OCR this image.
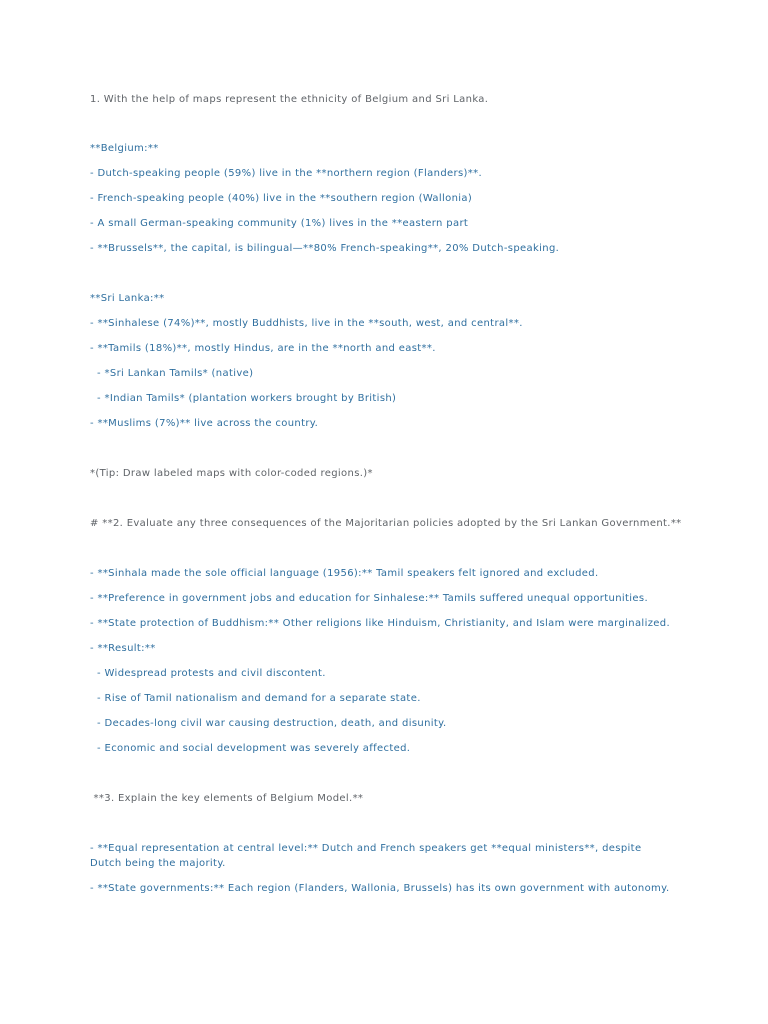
1. With the help of maps represent the ethnicity of Belgium and Sri Lanka.
**Belgium:**
- Dutch-speaking people (59%) live in the **northern region (Flanders)**.
- French-speaking people (40%) live in the **southern region (Wallonia)
- A small German-speaking community (1%) lives in the **eastern part
- **Brussels**, the capital, is bilingual—**80% French-speaking**, 20% Dutch-speaking.
**Sri Lanka:**
- **Sinhalese (74%)**, mostly Buddhists, live in the **south, west, and central**.
- **Tamils (18%)**, mostly Hindus, are in the **north and east**.
- *Sri Lankan Tamils* (native)
- *Indian Tamils* (plantation workers brought by British)
- **Muslims (7%)** live across the country.
*(Tip: Draw labeled maps with color-coded regions.)*
# **2. Evaluate any three consequences of the Majoritarian policies adopted by the Sri Lankan Government.**
- **Sinhala made the sole official language (1956):** Tamil speakers felt ignored and excluded.
- **Preference in government jobs and education for Sinhalese:** Tamils suffered unequal opportunities.
- **State protection of Buddhism:** Other religions like Hinduism, Christianity, and Islam were marginalized.
- **Result:**
- Widespread protests and civil discontent.
- Rise of Tamil nationalism and demand for a separate state.
- Decades-long civil war causing destruction, death, and disunity.
- Economic and social development was severely affected.
**3. Explain the key elements of Belgium Model.**
- **Equal representation at central level:** Dutch and French speakers get **equal ministers**, despite Dutch being the majority.
- **State governments:** Each region (Flanders, Wallonia, Brussels) has its own government with autonomy.
